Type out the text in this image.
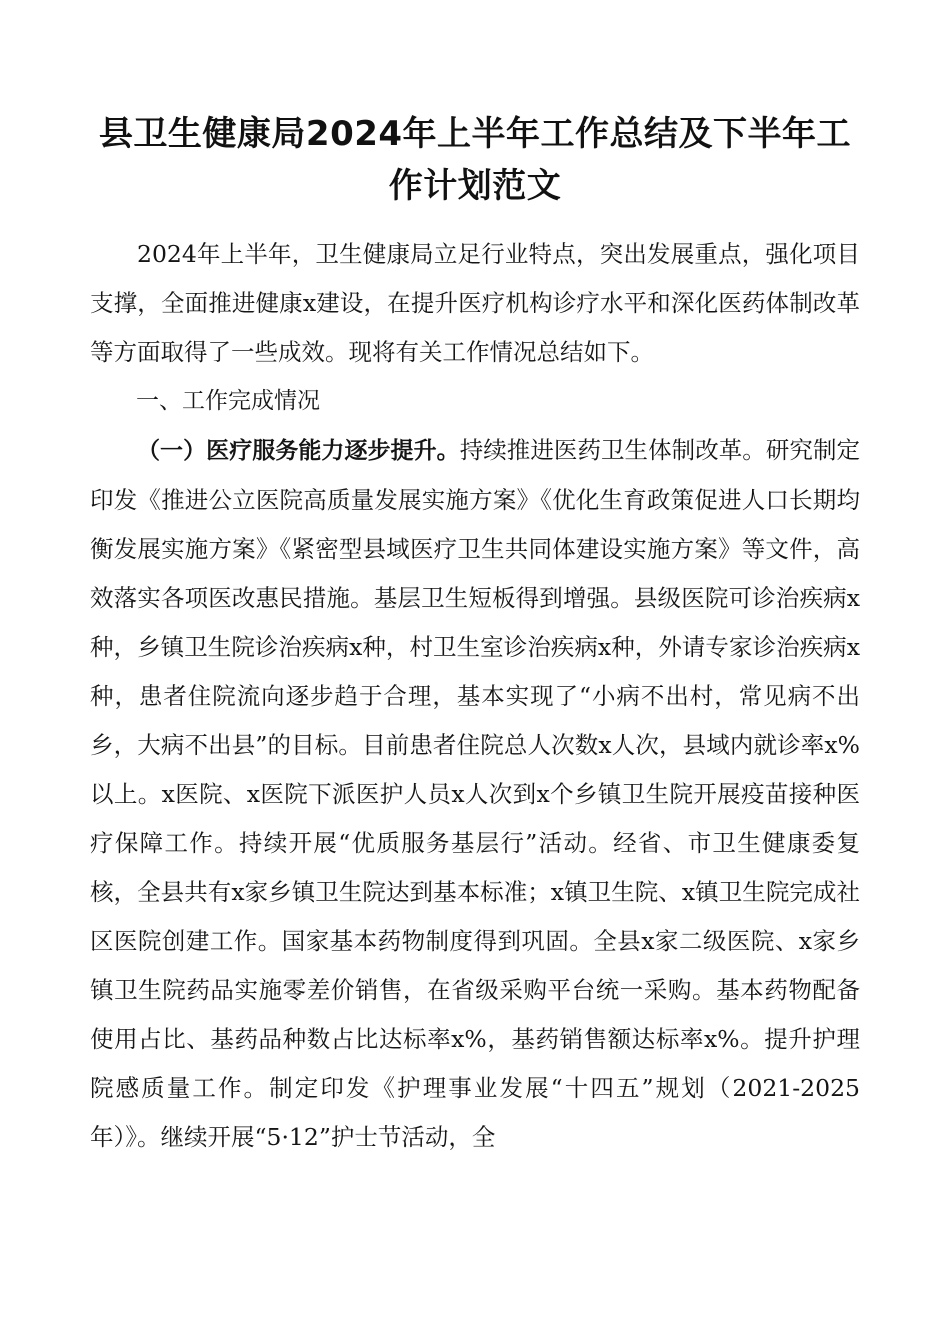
县卫生健康局2024年上半年工作总结及下半年工作计划范文

2024年上半年，卫生健康局立足行业特点，突出发展重点，强化项目支撑，全面推进健康x建设，在提升医疗机构诊疗水平和深化医药体制改革等方面取得了一些成效。现将有关工作情况总结如下。

一、工作完成情况

（一）医疗服务能力逐步提升。持续推进医药卫生体制改革。研究制定印发《推进公立医院高质量发展实施方案》《优化生育政策促进人口长期均衡发展实施方案》《紧密型县域医疗卫生共同体建设实施方案》等文件，高效落实各项医改惠民措施。基层卫生短板得到增强。县级医院可诊治疾病x种，乡镇卫生院诊治疾病x种，村卫生室诊治疾病x种，外请专家诊治疾病x种，患者住院流向逐步趋于合理，基本实现了“小病不出村，常见病不出乡，大病不出县”的目标。目前患者住院总人次数x人次，县域内就诊率x%以上。x医院、x医院下派医护人员x人次到x个乡镇卫生院开展疫苗接种医疗保障工作。持续开展“优质服务基层行”活动。经省、市卫生健康委复核，全县共有x家乡镇卫生院达到基本标准；x镇卫生院、x镇卫生院完成社区医院创建工作。国家基本药物制度得到巩固。全县x家二级医院、x家乡镇卫生院药品实施零差价销售，在省级采购平台统一采购。基本药物配备使用占比、基药品种数占比达标率x%，基药销售额达标率x%。提升护理院感质量工作。制定印发《护理事业发展“十四五”规划（2021-2025年）》。继续开展“5·12”护士节活动，全
